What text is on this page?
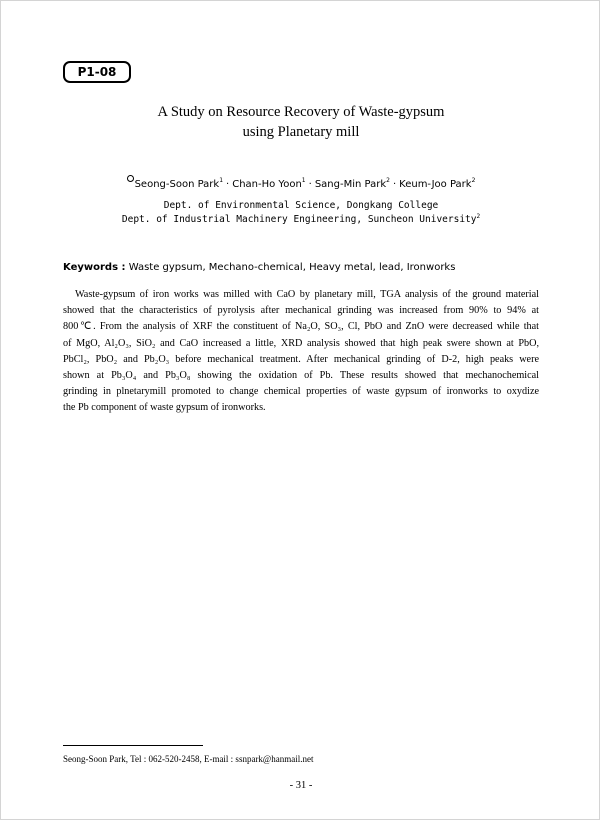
P1-08
A Study on Resource Recovery of Waste-gypsum
using Planetary mill
Seong-Soon Park$^1$ · Chan-Ho Yoon$^1$ · Sang-Min Park$^2$ · Keum-Joo Park$^2$
Dept. of Environmental Science, Dongkang College
Dept. of Industrial Machinery Engineering, Suncheon University$^2$
Keywords : Waste gypsum, Mechano-chemical, Heavy metal, lead, Ironworks
Waste-gypsum of iron works was milled with CaO by planetary mill, TGA analysis of the ground material
showed that the characteristics of pyrolysis after mechanical grinding was increased from 90% to 94% at
800℃. From the analysis of XRF the constituent of Na₂O, SO₃, Cl, PbO and ZnO were decreased while that
of MgO, Al₂O₃, SiO₂ and CaO increased a little, XRD analysis showed that high peak swere shown at PbO,
PbCl₂, PbO₂ and Pb₂O₃ before mechanical treatment. After mechanical grinding of D-2, high peaks were
shown at Pb₃O₄ and Pb₃O₈ showing the oxidation of Pb. These results showed that mechanochemical
grinding in plnetarymill promoted to change chemical properties of waste gypsum of ironworks to oxydize
the Pb component of waste gypsum of ironworks.
Seong-Soon Park, Tel : 062-520-2458, E-mail : ssnpark@hanmail.net
- 31 -
